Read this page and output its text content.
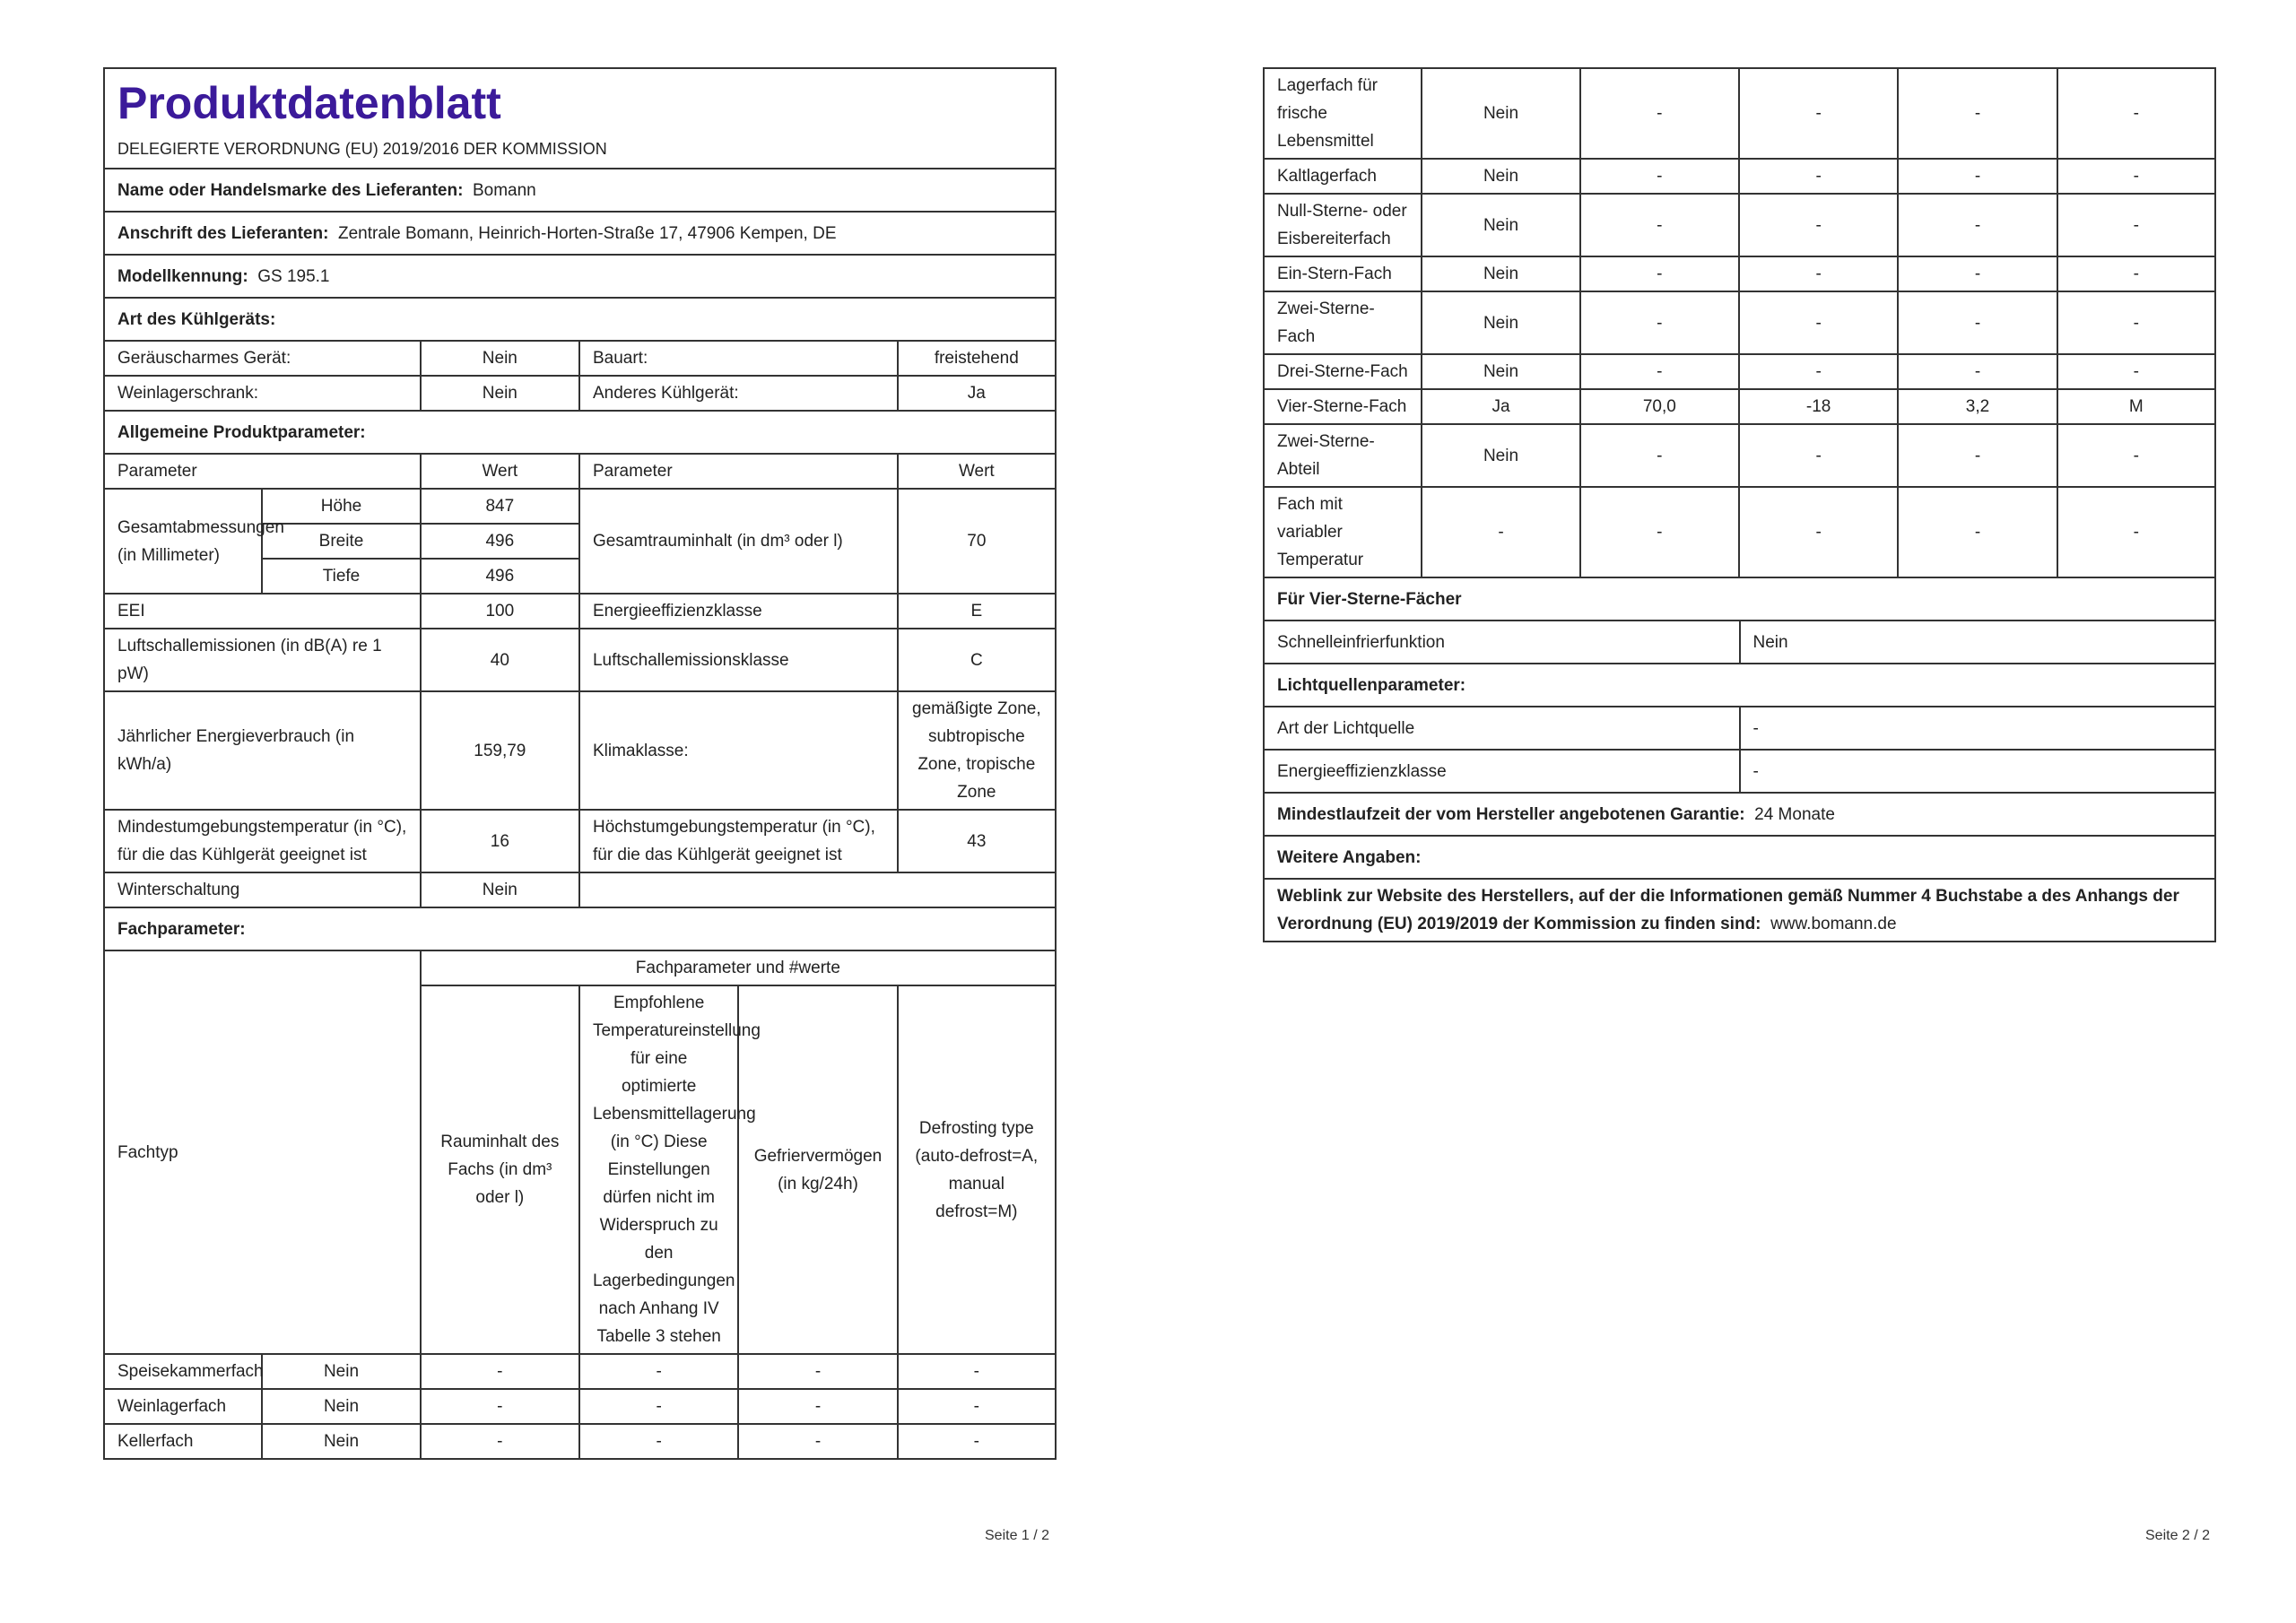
Produktdatenblatt
DELEGIERTE VERORDNUNG (EU) 2019/2016 DER KOMMISSION

Name oder Handelsmarke des Lieferanten: Bomann
Anschrift des Lieferanten: Zentrale Bomann, Heinrich-Horten-Straße 17, 47906 Kempen, DE
Modellkennung: GS 195.1
Art des Kühlgeräts:
Geräuscharmes Gerät:		Nein	Bauart:	freistehend
Weinlagerschrank:		Nein	Anderes Kühlgerät:	Ja
Allgemeine Produktparameter:				
Parameter		Wert	Parameter	Wert
Gesamtabmessungen (in Millimeter)	Höhe	847	Gesamtrauminhalt (in dm³ oder l)	70
	Breite	496		
	Tiefe	496		
EEI		100	Energieeffizienzklasse	E
Luftschallemissionen (in dB(A) re 1 pW)		40	Luftschallemissionsklasse	C
Jährlicher Energieverbrauch (in kWh/a)		159,79	Klimaklasse:	gemäßigte Zone, subtropische Zone, tropische Zone
Mindestumgebungstemperatur (in °C), für die das Kühlgerät geeignet ist		16	Höchstumgebungstemperatur (in °C), für die das Kühlgerät geeignet ist	43
Winterschaltung		Nein		
Fachparameter:				
Fachtyp		Fachparameter und #werte			
		Rauminhalt des Fachs (in dm³ oder l)	Empfohlene Temperatureinstellung für eine optimierte Lebensmittellagerung (in °C) Diese Einstellungen dürfen nicht im Widerspruch zu den Lagerbedingungen nach Anhang IV Tabelle 3 stehen	Gefriervermögen (in kg/24h)	Defrosting type (auto-defrost=A, manual defrost=M)
Speisekammerfach	Nein	-	-	-	-
Weinlagerfach	Nein	-	-	-	-
Kellerfach	Nein	-	-	-	-
Seite 1 / 2
Lagerfach für frische Lebensmittel	Nein	-	-	-	-
Kaltlagerfach	Nein	-	-	-	-
Null-Sterne- oder Eisbereiterfach	Nein	-	-	-	-
Ein-Stern-Fach	Nein	-	-	-	-
Zwei-Sterne-Fach	Nein	-	-	-	-
Drei-Sterne-Fach	Nein	-	-	-	-
Vier-Sterne-Fach	Ja	70,0	-18	3,2	M
Zwei-Sterne-Abteil	Nein	-	-	-	-
Fach mit variabler Temperatur	-	-	-	-	-
Für Vier-Sterne-Fächer	
Schnelleinfrierfunktion	Nein
Lichtquellenparameter:	
Art der Lichtquelle	-
Energieeffizienzklasse	-
Mindestlaufzeit der vom Hersteller angebotenen Garantie: 24 Monate	
Weitere Angaben:	
Weblink zur Website des Herstellers, auf der die Informationen gemäß Nummer 4 Buchstabe a des Anhangs der Verordnung (EU) 2019/2019 der Kommission zu finden sind: www.bomann.de	
Seite 2 / 2
